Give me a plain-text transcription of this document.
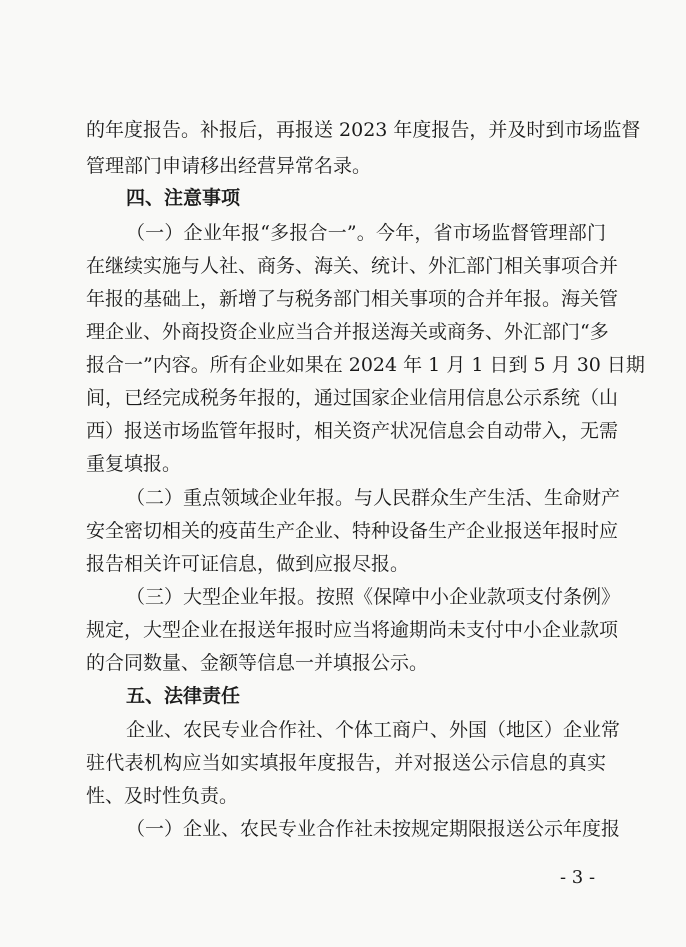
的年度报告。补报后，再报送 2023 年度报告，并及时到市场监督
管理部门申请移出经营异常名录。
四、注意事项
（一）企业年报“多报合一”。今年，省市场监督管理部门
在继续实施与人社、商务、海关、统计、外汇部门相关事项合并
年报的基础上，新增了与税务部门相关事项的合并年报。海关管
理企业、外商投资企业应当合并报送海关或商务、外汇部门“多
报合一”内容。所有企业如果在 2024 年 1 月 1 日到 5 月 30 日期
间，已经完成税务年报的，通过国家企业信用信息公示系统（山
西）报送市场监管年报时，相关资产状况信息会自动带入，无需
重复填报。
（二）重点领域企业年报。与人民群众生产生活、生命财产
安全密切相关的疫苗生产企业、特种设备生产企业报送年报时应
报告相关许可证信息，做到应报尽报。
（三）大型企业年报。按照《保障中小企业款项支付条例》
规定，大型企业在报送年报时应当将逾期尚未支付中小企业款项
的合同数量、金额等信息一并填报公示。
五、法律责任
企业、农民专业合作社、个体工商户、外国（地区）企业常
驻代表机构应当如实填报年度报告，并对报送公示信息的真实
性、及时性负责。
（一）企业、农民专业合作社未按规定期限报送公示年度报
- 3 -
